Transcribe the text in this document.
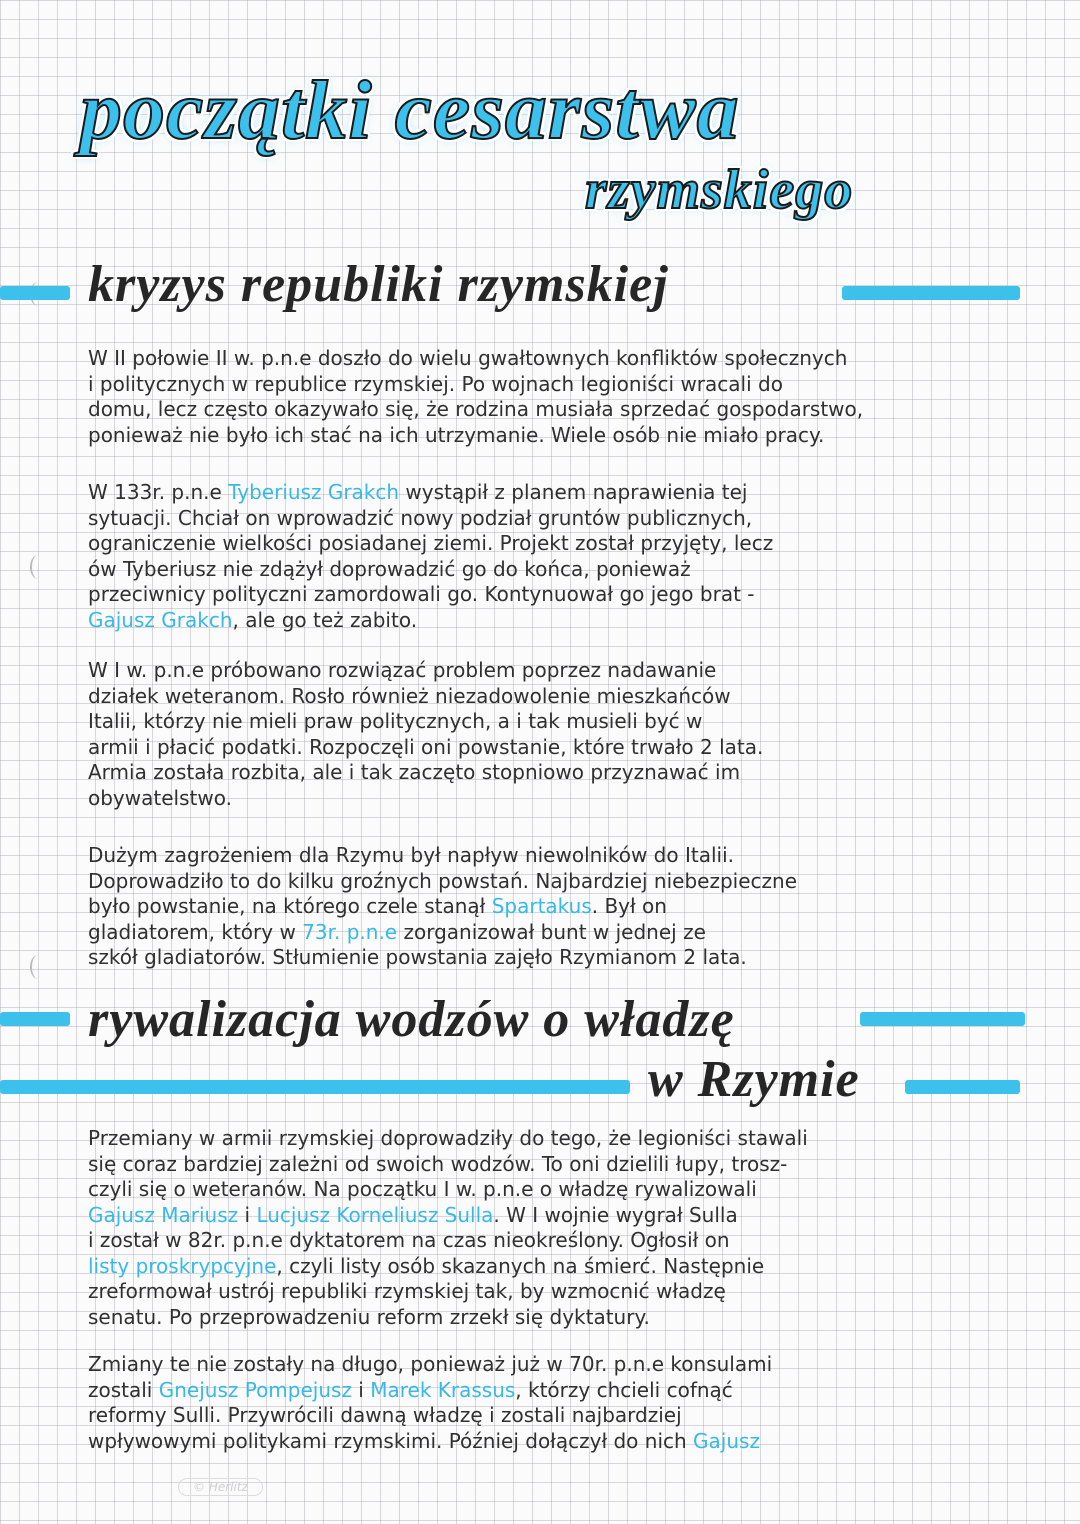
początki cesarstwa
rzymskiego
kryzys republiki rzymskiej
rywalizacja wodzów o władzę
w Rzymie
W II połowie II w. p.n.e doszło do wielu gwałtownych konfliktów społecznych
i politycznych w republice rzymskiej. Po wojnach legioniści wracali do
domu, lecz często okazywało się, że rodzina musiała sprzedać gospodarstwo,
ponieważ nie było ich stać na ich utrzymanie. Wiele osób nie miało pracy.
W 133r. p.n.e Tyberiusz Grakch wystąpił z planem naprawienia tej
sytuacji. Chciał on wprowadzić nowy podział gruntów publicznych,
ograniczenie wielkości posiadanej ziemi. Projekt został przyjęty, lecz
ów Tyberiusz nie zdążył doprowadzić go do końca, ponieważ
przeciwnicy polityczni zamordowali go. Kontynuował go jego brat -
Gajusz Grakch, ale go też zabito.
W I w. p.n.e próbowano rozwiązać problem poprzez nadawanie
działek weteranom. Rosło również niezadowolenie mieszkańców
Italii, którzy nie mieli praw politycznych, a i tak musieli być w
armii i płacić podatki. Rozpoczęli oni powstanie, które trwało 2 lata.
Armia została rozbita, ale i tak zaczęto stopniowo przyznawać im
obywatelstwo.
Dużym zagrożeniem dla Rzymu był napływ niewolników do Italii.
Doprowadziło to do kilku groźnych powstań. Najbardziej niebezpieczne
było powstanie, na którego czele stanął Spartakus. Był on
gladiatorem, który w 73r. p.n.e zorganizował bunt w jednej ze
szkół gladiatorów. Stłumienie powstania zajęło Rzymianom 2 lata.
Przemiany w armii rzymskiej doprowadziły do tego, że legioniści stawali
się coraz bardziej zależni od swoich wodzów. To oni dzielili łupy, trosz-
czyli się o weteranów. Na początku I w. p.n.e o władzę rywalizowali
Gajusz Mariusz i Lucjusz Korneliusz Sulla. W I wojnie wygrał Sulla
i został w 82r. p.n.e dyktatorem na czas nieokreślony. Ogłosił on
listy proskrypcyjne, czyli listy osób skazanych na śmierć. Następnie
zreformował ustrój republiki rzymskiej tak, by wzmocnić władzę
senatu. Po przeprowadzeniu reform zrzekł się dyktatury.
Zmiany te nie zostały na długo, ponieważ już w 70r. p.n.e konsulami
zostali Gnejusz Pompejusz i Marek Krassus, którzy chcieli cofnąć
reformy Sulli. Przywrócili dawną władzę i zostali najbardziej
wpływowymi politykami rzymskimi. Później dołączył do nich Gajusz
© Herlitz
